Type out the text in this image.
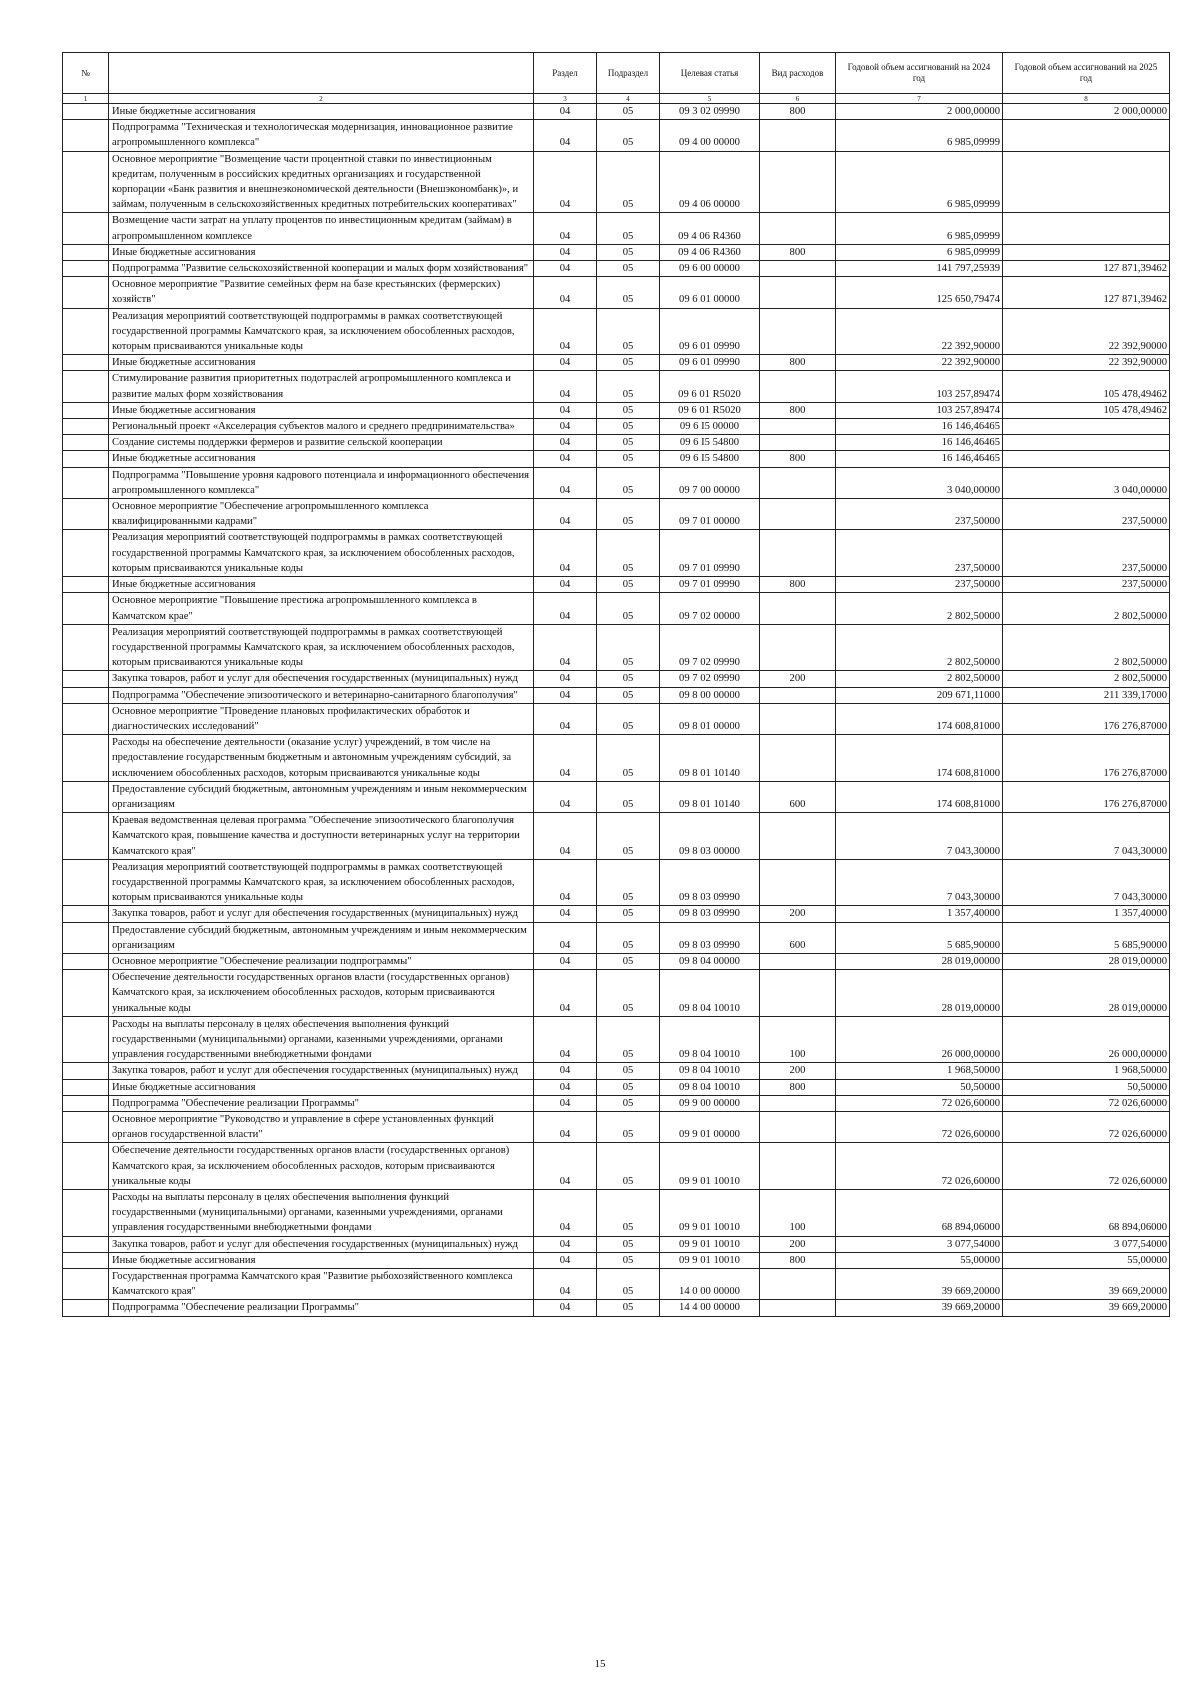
№		Раздел	Подраздел	Целевая статья	Вид расходов	Годовой объем ассигнований на 2024 год	Годовой объем ассигнований на 2025 год
1	2	3	4	5	6	7	8
	Иные бюджетные ассигнования	04	05	09 3 02 09990	800	2 000,00000	2 000,00000
	Подпрограмма "Техническая и технологическая модернизация, инновационное развитие агропромышленного комплекса"	04	05	09 4 00 00000		6 985,09999	
	Основное мероприятие "Возмещение части процентной ставки по инвестиционным кредитам, полученным в российских кредитных организациях и государственной корпорации «Банк развития и внешнеэкономической деятельности (Внешэкономбанк)», и займам, полученным в сельскохозяйственных кредитных потребительских кооперативах"	04	05	09 4 06 00000		6 985,09999	
	Возмещение части затрат на уплату процентов по инвестиционным кредитам (займам) в агропромышленном комплексе	04	05	09 4 06 R4360		6 985,09999	
	Иные бюджетные ассигнования	04	05	09 4 06 R4360	800	6 985,09999	
	Подпрограмма "Развитие сельскохозяйственной кооперации и малых форм хозяйствования"	04	05	09 6 00 00000		141 797,25939	127 871,39462
	Основное мероприятие "Развитие семейных ферм на базе крестьянских (фермерских) хозяйств"	04	05	09 6 01 00000		125 650,79474	127 871,39462
	Реализация мероприятий соответствующей подпрограммы в рамках соответствующей государственной программы Камчатского края, за исключением обособленных расходов, которым присваиваются уникальные коды	04	05	09 6 01 09990		22 392,90000	22 392,90000
	Иные бюджетные ассигнования	04	05	09 6 01 09990	800	22 392,90000	22 392,90000
	Стимулирование развития приоритетных подотраслей агропромышленного комплекса и развитие малых форм хозяйствования	04	05	09 6 01 R5020		103 257,89474	105 478,49462
	Иные бюджетные ассигнования	04	05	09 6 01 R5020	800	103 257,89474	105 478,49462
	Региональный проект «Акселерация субъектов малого и среднего предпринимательства»	04	05	09 6 I5 00000		16 146,46465	
	Создание системы поддержки фермеров и развитие сельской кооперации	04	05	09 6 I5 54800		16 146,46465	
	Иные бюджетные ассигнования	04	05	09 6 I5 54800	800	16 146,46465	
	Подпрограмма "Повышение уровня кадрового потенциала и информационного обеспечения агропромышленного комплекса"	04	05	09 7 00 00000		3 040,00000	3 040,00000
	Основное мероприятие "Обеспечение агропромышленного комплекса квалифицированными кадрами"	04	05	09 7 01 00000		237,50000	237,50000
	Реализация мероприятий соответствующей подпрограммы в рамках соответствующей государственной программы Камчатского края, за исключением обособленных расходов, которым присваиваются уникальные коды	04	05	09 7 01 09990		237,50000	237,50000
	Иные бюджетные ассигнования	04	05	09 7 01 09990	800	237,50000	237,50000
	Основное мероприятие "Повышение престижа агропромышленного комплекса в Камчатском крае"	04	05	09 7 02 00000		2 802,50000	2 802,50000
	Реализация мероприятий соответствующей подпрограммы в рамках соответствующей государственной программы Камчатского края, за исключением обособленных расходов, которым присваиваются уникальные коды	04	05	09 7 02 09990		2 802,50000	2 802,50000
	Закупка товаров, работ и услуг для обеспечения государственных (муниципальных) нужд	04	05	09 7 02 09990	200	2 802,50000	2 802,50000
	Подпрограмма "Обеспечение эпизоотического и ветеринарно-санитарного благополучия"	04	05	09 8 00 00000		209 671,11000	211 339,17000
	Основное мероприятие "Проведение плановых профилактических обработок и диагностических исследований"	04	05	09 8 01 00000		174 608,81000	176 276,87000
	Расходы на обеспечение деятельности (оказание услуг) учреждений, в том числе на предоставление государственным бюджетным и автономным учреждениям субсидий, за исключением обособленных расходов, которым присваиваются уникальные коды	04	05	09 8 01 10140		174 608,81000	176 276,87000
	Предоставление субсидий бюджетным, автономным учреждениям и иным некоммерческим организациям	04	05	09 8 01 10140	600	174 608,81000	176 276,87000
	Краевая ведомственная целевая программа "Обеспечение эпизоотического благополучия Камчатского края, повышение качества и доступности ветеринарных услуг на территории Камчатского края"	04	05	09 8 03 00000		7 043,30000	7 043,30000
	Реализация мероприятий соответствующей подпрограммы в рамках соответствующей государственной программы Камчатского края, за исключением обособленных расходов, которым присваиваются уникальные коды	04	05	09 8 03 09990		7 043,30000	7 043,30000
	Закупка товаров, работ и услуг для обеспечения государственных (муниципальных) нужд	04	05	09 8 03 09990	200	1 357,40000	1 357,40000
	Предоставление субсидий бюджетным, автономным учреждениям и иным некоммерческим организациям	04	05	09 8 03 09990	600	5 685,90000	5 685,90000
	Основное мероприятие "Обеспечение реализации подпрограммы"	04	05	09 8 04 00000		28 019,00000	28 019,00000
	Обеспечение деятельности государственных органов власти (государственных органов) Камчатского края, за исключением обособленных расходов, которым присваиваются уникальные коды	04	05	09 8 04 10010		28 019,00000	28 019,00000
	Расходы на выплаты персоналу в целях обеспечения выполнения функций государственными (муниципальными) органами, казенными учреждениями, органами управления государственными внебюджетными фондами	04	05	09 8 04 10010	100	26 000,00000	26 000,00000
	Закупка товаров, работ и услуг для обеспечения государственных (муниципальных) нужд	04	05	09 8 04 10010	200	1 968,50000	1 968,50000
	Иные бюджетные ассигнования	04	05	09 8 04 10010	800	50,50000	50,50000
	Подпрограмма "Обеспечение реализации Программы"	04	05	09 9 00 00000		72 026,60000	72 026,60000
	Основное мероприятие "Руководство и управление в сфере установленных функций органов государственной власти"	04	05	09 9 01 00000		72 026,60000	72 026,60000
	Обеспечение деятельности государственных органов власти (государственных органов) Камчатского края, за исключением обособленных расходов, которым присваиваются уникальные коды	04	05	09 9 01 10010		72 026,60000	72 026,60000
	Расходы на выплаты персоналу в целях обеспечения выполнения функций государственными (муниципальными) органами, казенными учреждениями, органами управления государственными внебюджетными фондами	04	05	09 9 01 10010	100	68 894,06000	68 894,06000
	Закупка товаров, работ и услуг для обеспечения государственных (муниципальных) нужд	04	05	09 9 01 10010	200	3 077,54000	3 077,54000
	Иные бюджетные ассигнования	04	05	09 9 01 10010	800	55,00000	55,00000
	Государственная программа Камчатского края "Развитие рыбохозяйственного комплекса Камчатского края"	04	05	14 0 00 00000		39 669,20000	39 669,20000
	Подпрограмма "Обеспечение реализации Программы"	04	05	14 4 00 00000		39 669,20000	39 669,20000
15
